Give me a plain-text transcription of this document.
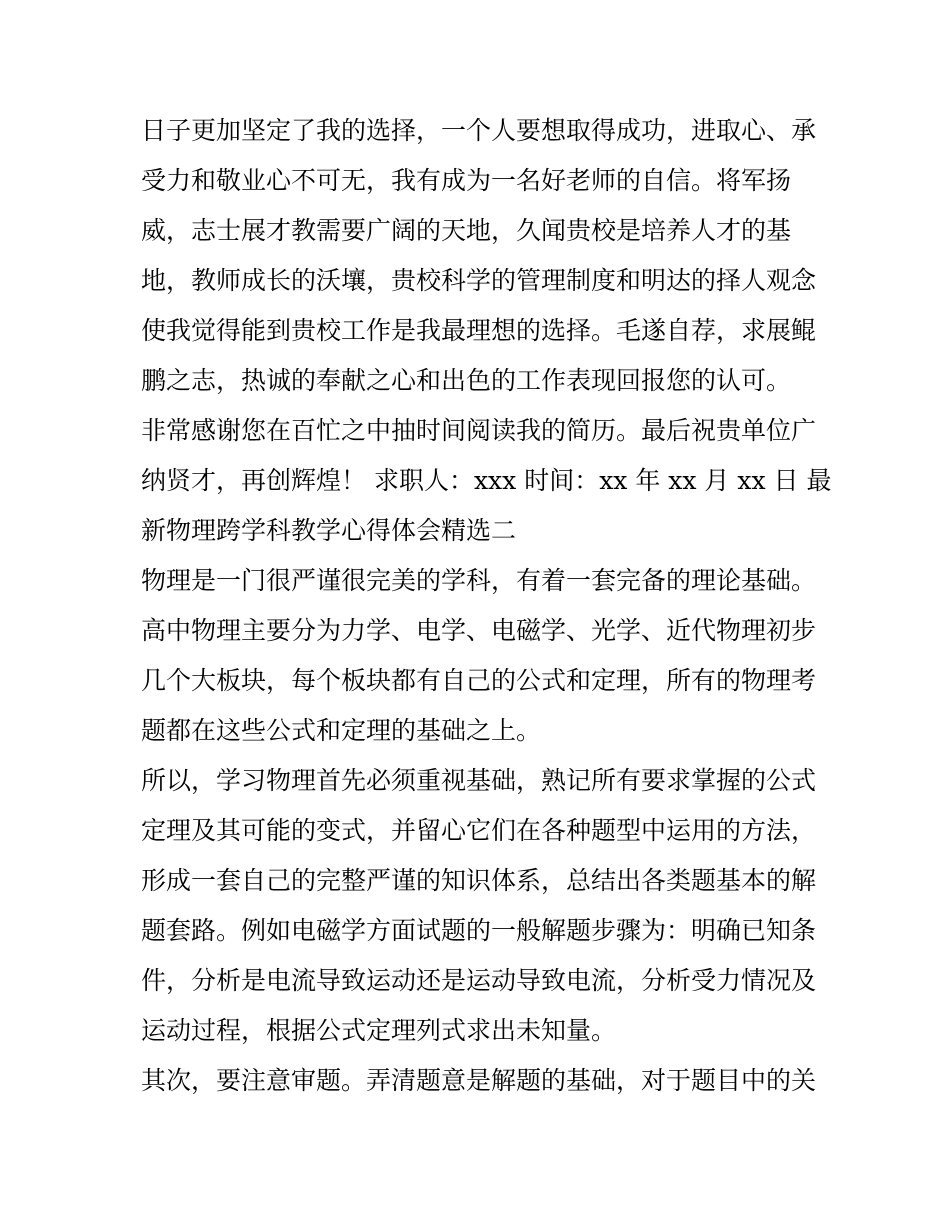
日子更加坚定了我的选择，一个人要想取得成功，进取心、承
受力和敬业心不可无，我有成为一名好老师的自信。将军扬
威，志士展才教需要广阔的天地，久闻贵校是培养人才的基
地，教师成长的沃壤，贵校科学的管理制度和明达的择人观念
使我觉得能到贵校工作是我最理想的选择。毛遂自荐，求展鲲
鹏之志，热诚的奉献之心和出色的工作表现回报您的认可。
非常感谢您在百忙之中抽时间阅读我的简历。最后祝贵单位广
纳贤才，再创辉煌！ 求职人：xxx 时间：xx 年 xx 月 xx 日 最
新物理跨学科教学心得体会精选二
物理是一门很严谨很完美的学科，有着一套完备的理论基础。
高中物理主要分为力学、电学、电磁学、光学、近代物理初步
几个大板块，每个板块都有自己的公式和定理，所有的物理考
题都在这些公式和定理的基础之上。
所以，学习物理首先必须重视基础，熟记所有要求掌握的公式
定理及其可能的变式，并留心它们在各种题型中运用的方法，
形成一套自己的完整严谨的知识体系，总结出各类题基本的解
题套路。例如电磁学方面试题的一般解题步骤为：明确已知条
件，分析是电流导致运动还是运动导致电流，分析受力情况及
运动过程，根据公式定理列式求出未知量。
其次，要注意审题。弄清题意是解题的基础，对于题目中的关
